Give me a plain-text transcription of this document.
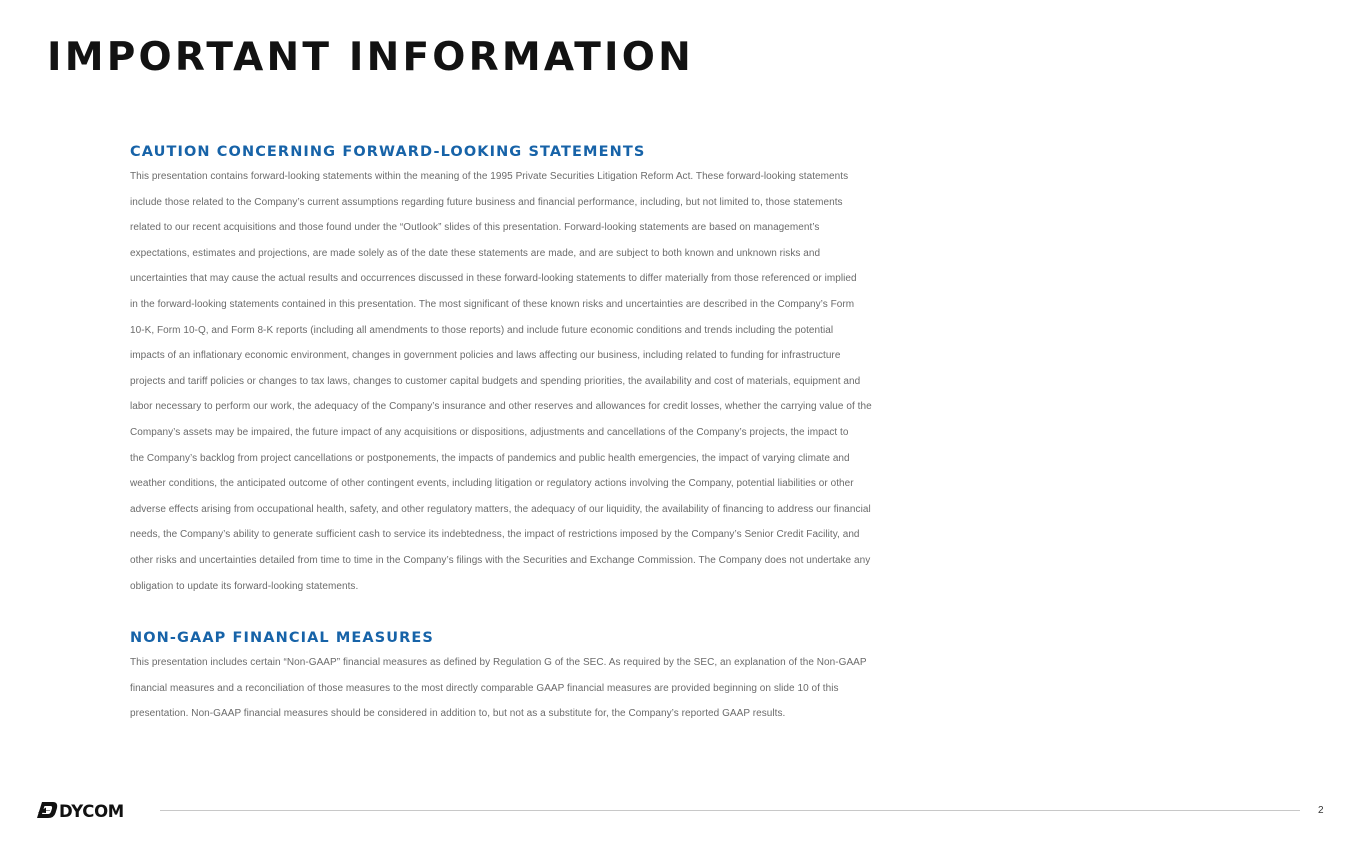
IMPORTANT INFORMATION
CAUTION CONCERNING FORWARD-LOOKING STATEMENTS

This presentation contains forward-looking statements within the meaning of the 1995 Private Securities Litigation Reform Act. These forward-looking statements
include those related to the Company’s current assumptions regarding future business and financial performance, including, but not limited to, those statements
related to our recent acquisitions and those found under the “Outlook” slides of this presentation. Forward-looking statements are based on management’s
expectations, estimates and projections, are made solely as of the date these statements are made, and are subject to both known and unknown risks and
uncertainties that may cause the actual results and occurrences discussed in these forward-looking statements to differ materially from those referenced or implied
in the forward-looking statements contained in this presentation. The most significant of these known risks and uncertainties are described in the Company’s Form
10-K, Form 10-Q, and Form 8-K reports (including all amendments to those reports) and include future economic conditions and trends including the potential
impacts of an inflationary economic environment, changes in government policies and laws affecting our business, including related to funding for infrastructure
projects and tariff policies or changes to tax laws, changes to customer capital budgets and spending priorities, the availability and cost of materials, equipment and
labor necessary to perform our work, the adequacy of the Company’s insurance and other reserves and allowances for credit losses, whether the carrying value of the
Company’s assets may be impaired, the future impact of any acquisitions or dispositions, adjustments and cancellations of the Company’s projects, the impact to
the Company’s backlog from project cancellations or postponements, the impacts of pandemics and public health emergencies, the impact of varying climate and
weather conditions, the anticipated outcome of other contingent events, including litigation or regulatory actions involving the Company, potential liabilities or other
adverse effects arising from occupational health, safety, and other regulatory matters, the adequacy of our liquidity, the availability of financing to address our financial
needs, the Company’s ability to generate sufficient cash to service its indebtedness, the impact of restrictions imposed by the Company’s Senior Credit Facility, and
other risks and uncertainties detailed from time to time in the Company’s filings with the Securities and Exchange Commission. The Company does not undertake any
obligation to update its forward-looking statements.

NON-GAAP FINANCIAL MEASURES

This presentation includes certain “Non-GAAP” financial measures as defined by Regulation G of the SEC. As required by the SEC, an explanation of the Non-GAAP
financial measures and a reconciliation of those measures to the most directly comparable GAAP financial measures are provided beginning on slide 10 of this
presentation. Non-GAAP financial measures should be considered in addition to, but not as a substitute for, the Company’s reported GAAP results.

DYCOM	2
